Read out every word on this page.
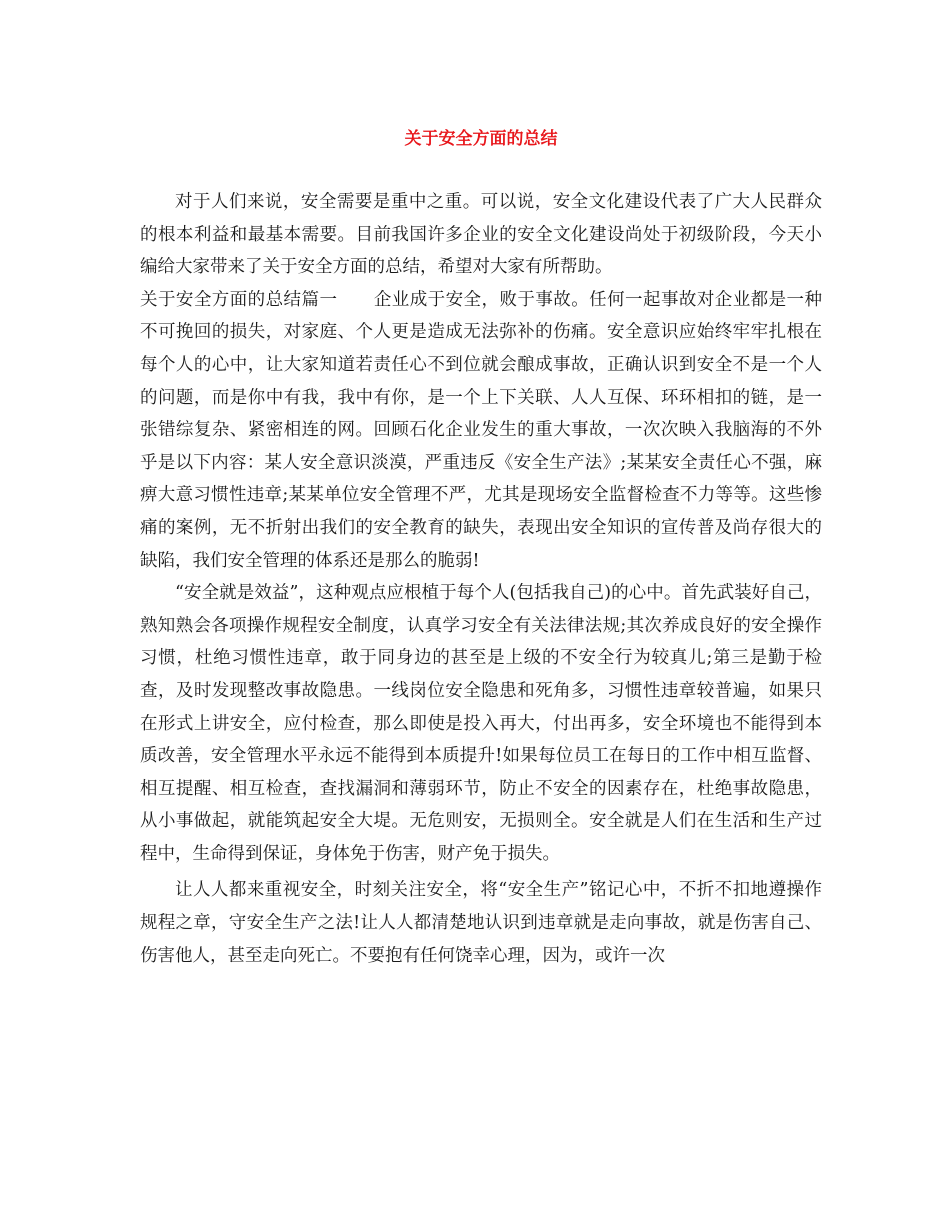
关于安全方面的总结

对于人们来说，安全需要是重中之重。可以说，安全文化建设代表了广大人民群众的根本利益和最基本需要。目前我国许多企业的安全文化建设尚处于初级阶段，今天小编给大家带来了关于安全方面的总结，希望对大家有所帮助。

关于安全方面的总结篇一 企业成于安全，败于事故。任何一起事故对企业都是一种不可挽回的损失，对家庭、个人更是造成无法弥补的伤痛。安全意识应始终牢牢扎根在每个人的心中，让大家知道若责任心不到位就会酿成事故，正确认识到安全不是一个人的问题，而是你中有我，我中有你，是一个上下关联、人人互保、环环相扣的链，是一张错综复杂、紧密相连的网。回顾石化企业发生的重大事故，一次次映入我脑海的不外乎是以下内容：某人安全意识淡漠，严重违反《安全生产法》;某某安全责任心不强，麻痹大意习惯性违章;某某单位安全管理不严，尤其是现场安全监督检查不力等等。这些惨痛的案例，无不折射出我们的安全教育的缺失，表现出安全知识的宣传普及尚存很大的缺陷，我们安全管理的体系还是那么的脆弱!

“安全就是效益”，这种观点应根植于每个人(包括我自己)的心中。首先武装好自己，熟知熟会各项操作规程安全制度，认真学习安全有关法律法规;其次养成良好的安全操作习惯，杜绝习惯性违章，敢于同身边的甚至是上级的不安全行为较真儿;第三是勤于检查，及时发现整改事故隐患。一线岗位安全隐患和死角多，习惯性违章较普遍，如果只在形式上讲安全，应付检查，那么即使是投入再大，付出再多，安全环境也不能得到本质改善，安全管理水平永远不能得到本质提升!如果每位员工在每日的工作中相互监督、相互提醒、相互检查，查找漏洞和薄弱环节，防止不安全的因素存在，杜绝事故隐患，从小事做起，就能筑起安全大堤。无危则安，无损则全。安全就是人们在生活和生产过程中，生命得到保证，身体免于伤害，财产免于损失。

让人人都来重视安全，时刻关注安全，将“安全生产”铭记心中，不折不扣地遵操作规程之章，守安全生产之法!让人人都清楚地认识到违章就是走向事故，就是伤害自己、伤害他人，甚至走向死亡。不要抱有任何饶幸心理，因为，或许一次
